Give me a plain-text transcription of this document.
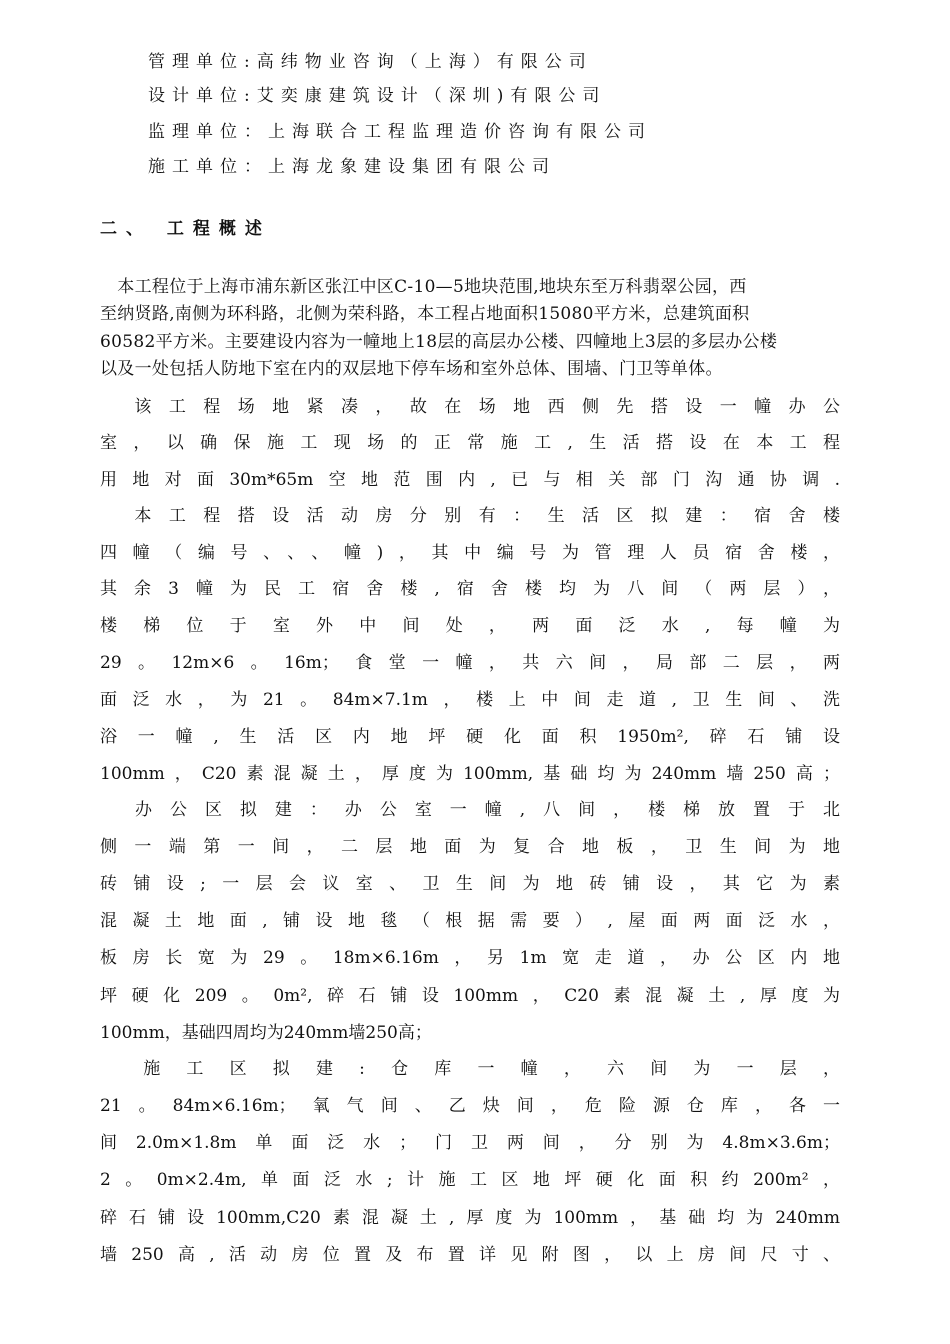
管理单位:高纬物业咨询（上海）有限公司
设计单位:艾奕康建筑设计（深圳)有限公司
监理单位：上海联合工程监理造价咨询有限公司
施工单位：上海龙象建设集团有限公司
二、 工程概述
　本工程位于上海市浦东新区张江中区C-10—5地块范围,地块东至万科翡翠公园，西
至纳贤路,南侧为环科路，北侧为荣科路，本工程占地面积15080平方米，总建筑面积
60582平方米。主要建设内容为一幢地上18层的高层办公楼、四幢地上3层的多层办公楼
以及一处包括人防地下室在内的双层地下停车场和室外总体、围墙、门卫等单体。
　该工程场地紧凑，故在场地西侧先搭设一幢办公
室，以确保施工现场的正常施工,生活搭设在本工程
用地对面30m*65m空地范围内,已与相关部门沟通协调.
　本工程搭设活动房分别有：生活区拟建：宿舍楼
四幢（编号、、、幢)，其中编号为管理人员宿舍楼，
其余3幢为民工宿舍楼,宿舍楼均为八间（两层），
楼梯位于室外中间处，两面泛水,每幢为
29。12m×6。16m；食堂一幢，共六间，局部二层，两
面泛水，为21。84m×7.1m，楼上中间走道,卫生间、洗
浴一幢,生活区内地坪硬化面积1950m²,碎石铺设
100mm，C20素混凝土，厚度为100mm,基础均为240mm墙250高；
　办公区拟建：办公室一幢,八间，楼梯放置于北
侧一端第一间，二层地面为复合地板，卫生间为地
砖铺设;一层会议室、卫生间为地砖铺设，其它为素
混凝土地面,铺设地毯（根据需要）,屋面两面泛水，
板房长宽为29。18m×6.16m，另1m宽走道，办公区内地
坪硬化209。0m²,碎石铺设100mm，C20素混凝土,厚度为
100mm，基础四周均为240mm墙250高；
　施工区拟建:仓库一幢，六间为一层，
21。84m×6.16m；氧气间、乙炔间，危险源仓库，各一
间2.0m×1.8m单面泛水；门卫两间，分别为4.8m×3.6m；
2。0m×2.4m,单面泛水;计施工区地坪硬化面积约200m²，
碎石铺设100mm,C20素混凝土,厚度为100mm，基础均为240mm
墙250高,活动房位置及布置详见附图，以上房间尺寸、
